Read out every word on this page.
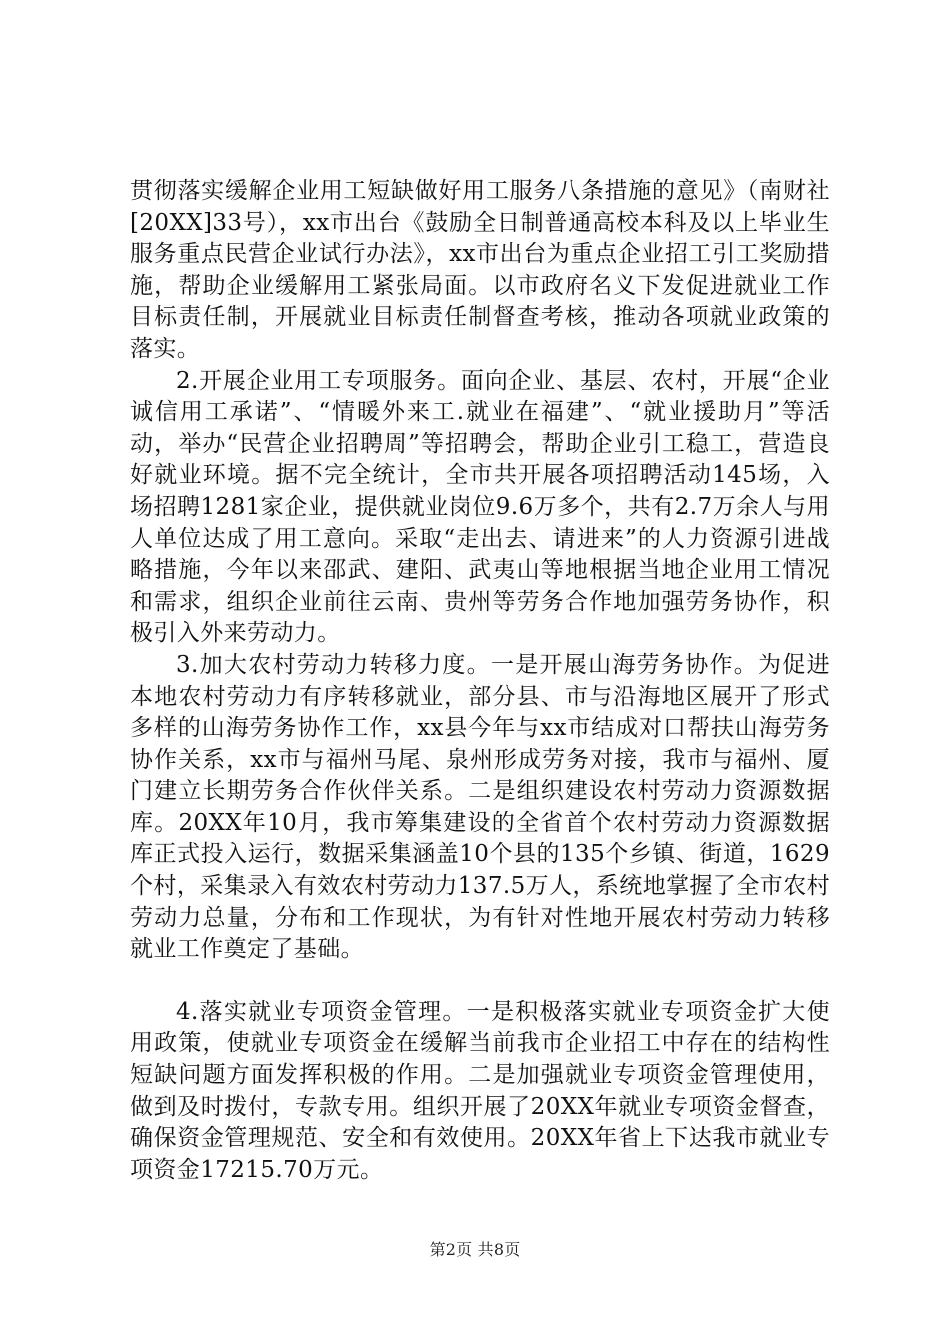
贯彻落实缓解企业用工短缺做好用工服务八条措施的意见》（南财社[20XX]33号），xx市出台《鼓励全日制普通高校本科及以上毕业生服务重点民营企业试行办法》，xx市出台为重点企业招工引工奖励措施，帮助企业缓解用工紧张局面。以市政府名义下发促进就业工作目标责任制，开展就业目标责任制督查考核，推动各项就业政策的落实。

2.开展企业用工专项服务。面向企业、基层、农村，开展“企业诚信用工承诺”、“情暖外来工.就业在福建”、“就业援助月”等活动，举办“民营企业招聘周”等招聘会，帮助企业引工稳工，营造良好就业环境。据不完全统计，全市共开展各项招聘活动145场，入场招聘1281家企业，提供就业岗位9.6万多个，共有2.7万余人与用人单位达成了用工意向。采取“走出去、请进来”的人力资源引进战略措施，今年以来邵武、建阳、武夷山等地根据当地企业用工情况和需求，组织企业前往云南、贵州等劳务合作地加强劳务协作，积极引入外来劳动力。

3.加大农村劳动力转移力度。一是开展山海劳务协作。为促进本地农村劳动力有序转移就业，部分县、市与沿海地区展开了形式多样的山海劳务协作工作，xx县今年与xx市结成对口帮扶山海劳务协作关系，xx市与福州马尾、泉州形成劳务对接，我市与福州、厦门建立长期劳务合作伙伴关系。二是组织建设农村劳动力资源数据库。20XX年10月，我市筹集建设的全省首个农村劳动力资源数据库正式投入运行，数据采集涵盖10个县的135个乡镇、街道，1629个村，采集录入有效农村劳动力137.5万人，系统地掌握了全市农村劳动力总量，分布和工作现状，为有针对性地开展农村劳动力转移就业工作奠定了基础。

4.落实就业专项资金管理。一是积极落实就业专项资金扩大使用政策，使就业专项资金在缓解当前我市企业招工中存在的结构性短缺问题方面发挥积极的作用。二是加强就业专项资金管理使用，做到及时拨付，专款专用。组织开展了20XX年就业专项资金督查，确保资金管理规范、安全和有效使用。20XX年省上下达我市就业专项资金17215.70万元。

第2页 共8页
